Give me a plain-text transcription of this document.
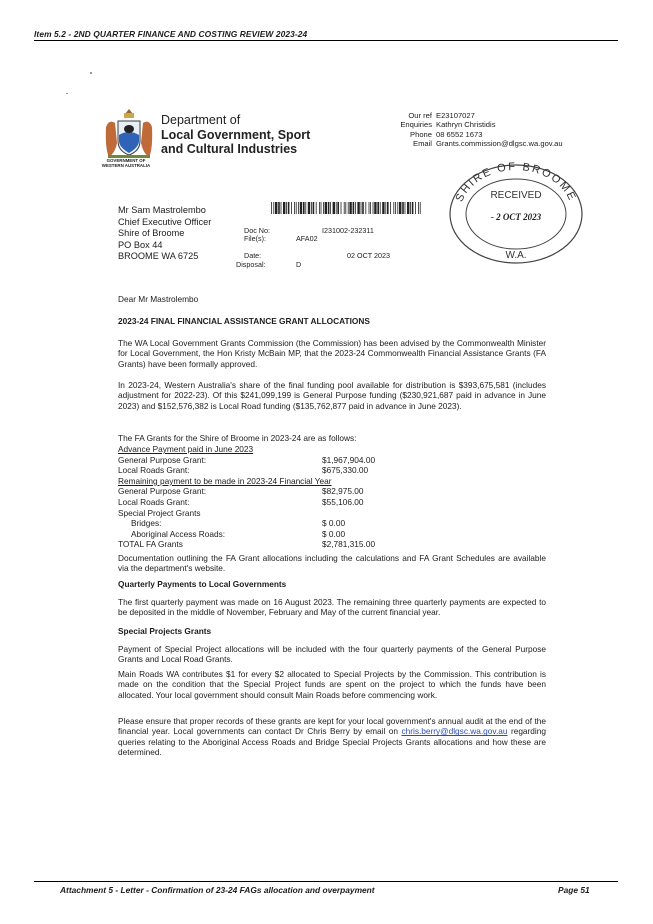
Item 5.2 - 2ND QUARTER FINANCE AND COSTING REVIEW 2023-24
GOVERNMENT OF
WESTERN AUSTRALIA
Department of
Local Government, Sport
and Cultural Industries
Our ref E23107027
Enquiries Kathryn Christidis
Phone 08 6552 1673
Email Grants.commission@dlgsc.wa.gov.au
SHIRE OF BROOME
RECEIVED
- 2 OCT 2023
W.A.
Mr Sam Mastrolembo
Chief Executive Officer
Shire of Broome
PO Box 44
BROOME WA 6725
Doc No:	I231002-232311
File(s):	AFA02
Date:	02 OCT 2023
Disposal:	D
Dear Mr Mastrolembo
2023-24 FINAL FINANCIAL ASSISTANCE GRANT ALLOCATIONS
The WA Local Government Grants Commission (the Commission) has been advised by the Commonwealth Minister for Local Government, the Hon Kristy McBain MP, that the 2023-24 Commonwealth Financial Assistance Grants (FA Grants) have been formally approved.
In 2023-24, Western Australia's share of the final funding pool available for distribution is $393,675,581 (includes adjustment for 2022-23). Of this $241,099,199 is General Purpose funding ($230,921,687 paid in advance in June 2023) and $152,576,382 is Local Road funding ($135,762,877 paid in advance in June 2023).
The FA Grants for the Shire of Broome in 2023-24 are as follows:
Advance Payment paid in June 2023
General Purpose Grant:	$1,967,904.00
Local Roads Grant:	$675,330.00
Remaining payment to be made in 2023-24 Financial Year
General Purpose Grant:	$82,975.00
Local Roads Grant:	$55,106.00
Special Project Grants
Bridges:	$ 0.00
Aboriginal Access Roads:	$ 0.00
TOTAL FA Grants	$2,781,315.00
Documentation outlining the FA Grant allocations including the calculations and FA Grant Schedules are available via the department's website.
Quarterly Payments to Local Governments
The first quarterly payment was made on 16 August 2023. The remaining three quarterly payments are expected to be deposited in the middle of November, February and May of the current financial year.
Special Projects Grants
Payment of Special Project allocations will be included with the four quarterly payments of the General Purpose Grants and Local Road Grants.
Main Roads WA contributes $1 for every $2 allocated to Special Projects by the Commission. This contribution is made on the condition that the Special Project funds are spent on the project to which the funds have been allocated. Your local government should consult Main Roads before commencing work.
Please ensure that proper records of these grants are kept for your local government's annual audit at the end of the financial year. Local governments can contact Dr Chris Berry by email on chris.berry@dlgsc.wa.gov.au regarding queries relating to the Aboriginal Access Roads and Bridge Special Projects Grants allocations and how these are determined.
Attachment 5 - Letter - Confirmation of 23-24 FAGs allocation and overpayment	Page 51
